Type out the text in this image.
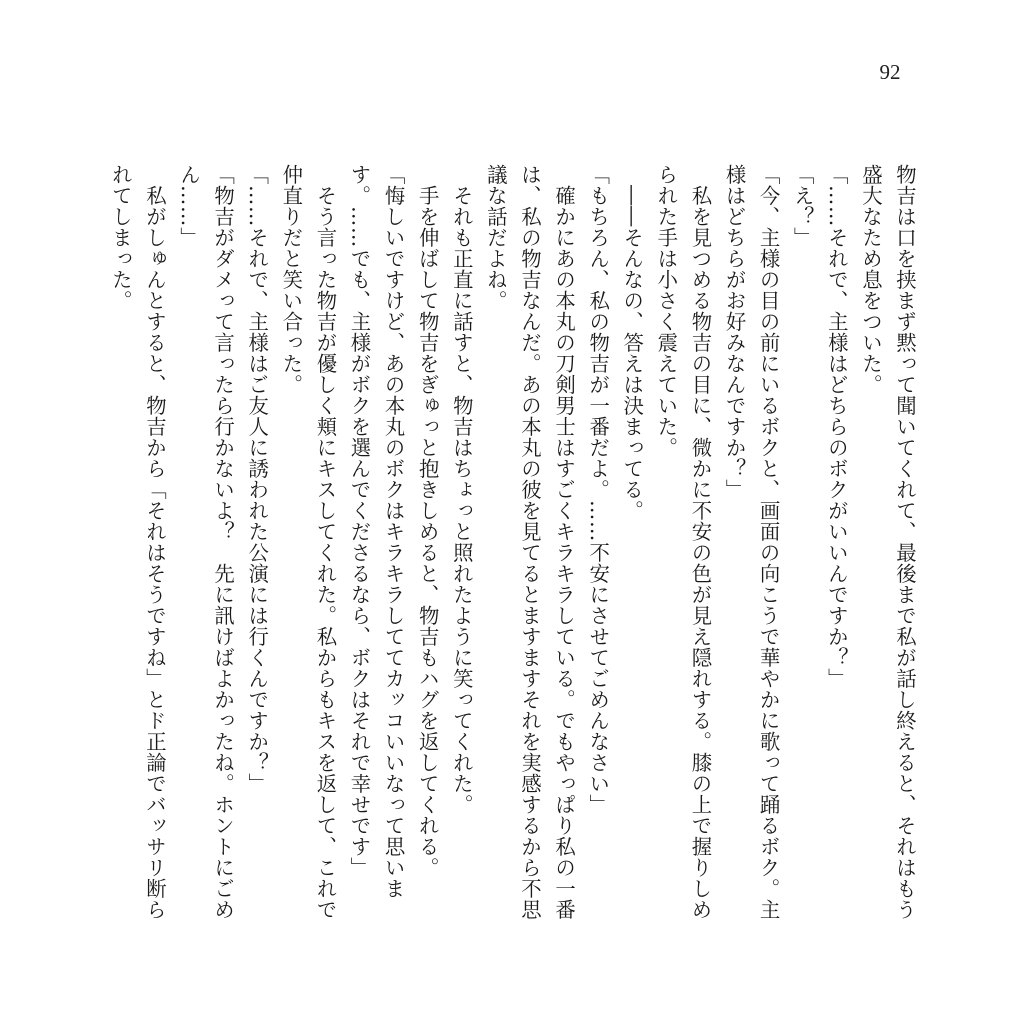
92

物吉は口を挟まず黙って聞いてくれて、最後まで私が話し終えると、それはもう盛大なため息をついた。

「……それで、主様はどちらのボクがいいんですか？」

「え？」

「今、主様の目の前にいるボクと、画面の向こうで華やかに歌って踊るボク。主様はどちらがお好みなんですか？」

　私を見つめる物吉の目に、微かに不安の色が見え隠れする。膝の上で握りしめられた手は小さく震えていた。

　――そんなの、答えは決まってる。

「もちろん、私の物吉が一番だよ。……不安にさせてごめんなさい」

　確かにあの本丸の刀剣男士はすごくキラキラしている。でもやっぱり私の一番は、私の物吉なんだ。あの本丸の彼を見てるとますますそれを実感するから不思議な話だよね。

　それも正直に話すと、物吉はちょっと照れたように笑ってくれた。

　手を伸ばして物吉をぎゅっと抱きしめると、物吉もハグを返してくれる。

「悔しいですけど、あの本丸のボクはキラキラしててカッコいいなって思います。……でも、主様がボクを選んでくださるなら、ボクはそれで幸せです」

　そう言った物吉が優しく頬にキスしてくれた。私からもキスを返して、これで仲直りだと笑い合った。

「……それで、主様はご友人に誘われた公演には行くんですか？」

「物吉がダメって言ったら行かないよ？　先に訊けばよかったね。ホントにごめん……」

　私がしゅんとすると、物吉から「それはそうですね」とド正論でバッサリ断られてしまった。
